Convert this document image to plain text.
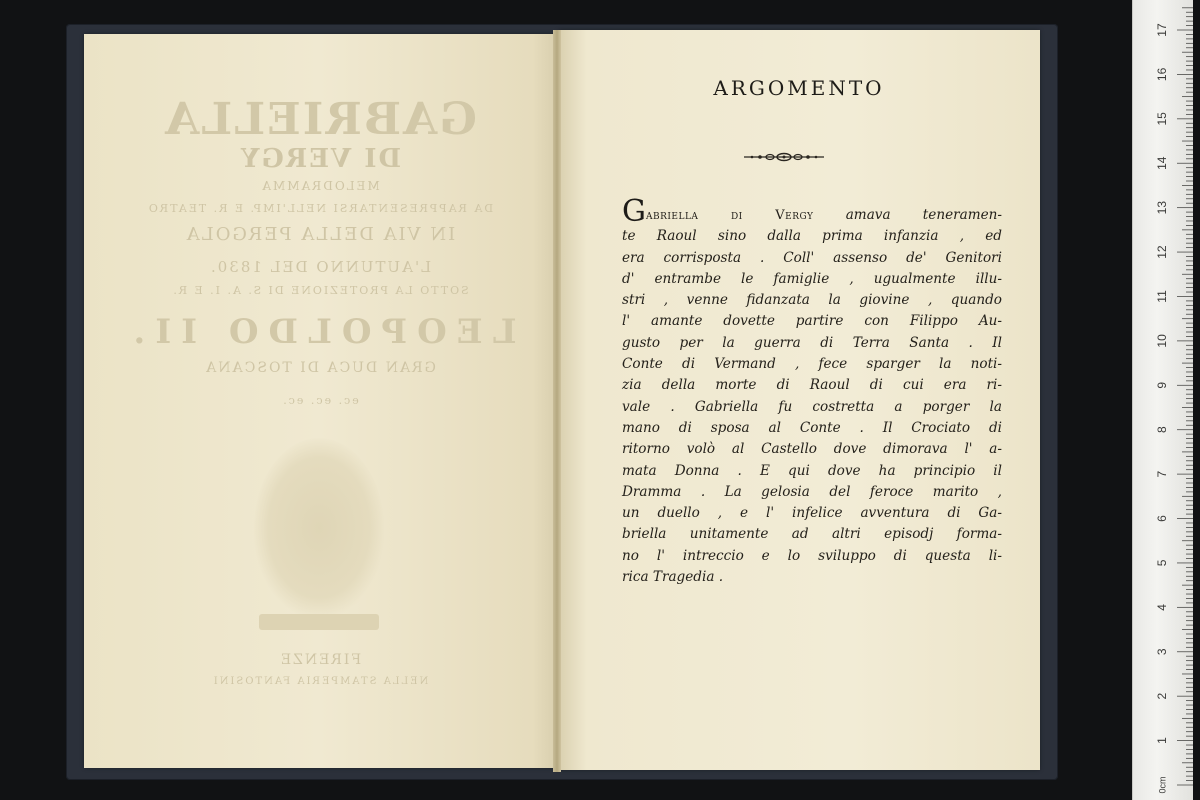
GABRIELLA
DI VERGY
MELODRAMMA
DA RAPPRESENTARSI NELL'IMP. E R. TEATRO
IN VIA DELLA PERGOLA
L'AUTUNNO DEL 1830.
SOTTO LA PROTEZIONE DI S. A. I. E R.
LEOPOLDO II.
GRAN DUCA DI TOSCANA
ec. ec. ec.
FIRENZE
NELLA STAMPERIA FANTOSINI
ARGOMENTO
Gabriella di Vergy amava teneramen-
te Raoul sino dalla prima infanzia , ed
era corrisposta . Coll' assenso de' Genitori
d' entrambe le famiglie , ugualmente illu-
stri , venne fidanzata la giovine , quando
l' amante dovette partire con Filippo Au-
gusto per la guerra di Terra Santa . Il
Conte di Vermand , fece sparger la noti-
zia della morte di Raoul di cui era ri-
vale . Gabriella fu costretta a porger la
mano di sposa al Conte . Il Crociato di
ritorno volò al Castello dove dimorava l' a-
mata Donna . E qui dove ha principio il
Dramma . La gelosia del feroce marito ,
un duello , e l' infelice avventura di Ga-
briella unitamente ad altri episodj forma-
no l' intreccio e lo sviluppo di questa li-
rica Tragedia .
0cm
1
2
3
4
5
6
7
8
9
10
11
12
13
14
15
16
17
